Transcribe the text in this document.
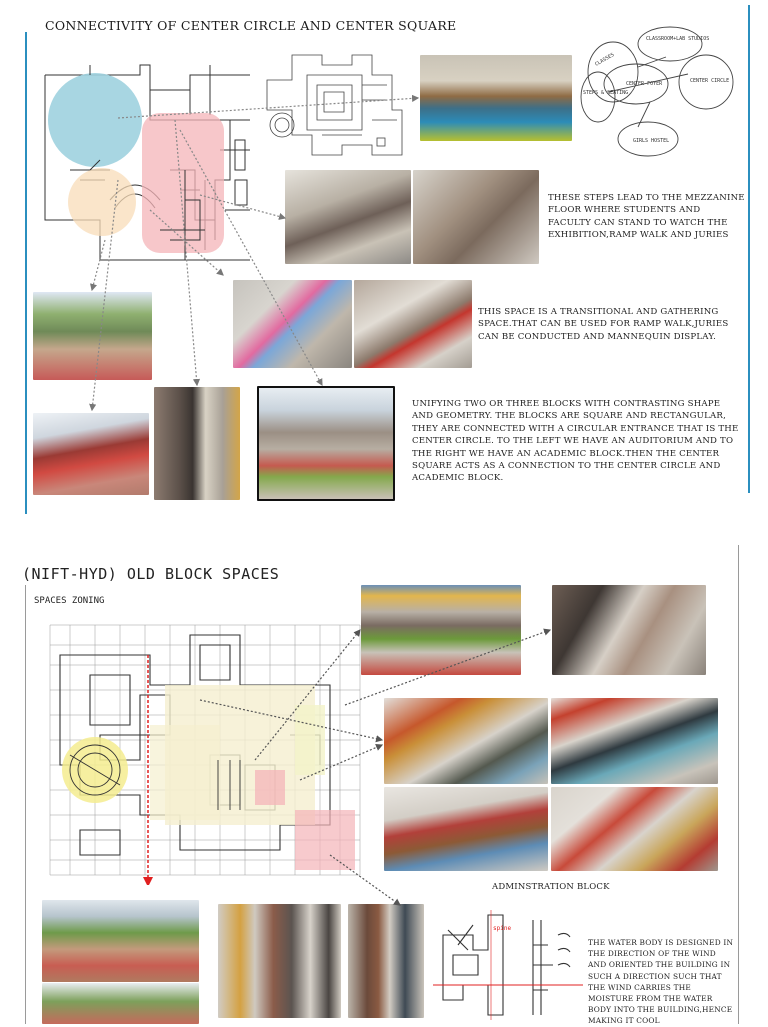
CONNECTIVITY OF CENTER CIRCLE AND CENTER SQUARE
CLASSES
CLASSROOM+LAB STUDIOS
CENTER FOYER	CENTER CIRCLE
STEPS & SEATING
GIRLS HOSTEL
THESE STEPS LEAD TO THE MEZZANINE FLOOR WHERE STUDENTS AND FACULTY CAN STAND TO WATCH THE EXHIBITION,RAMP WALK AND JURIES
THIS SPACE IS A TRANSITIONAL AND GATHERING SPACE.THAT CAN BE USED FOR RAMP WALK,JURIES CAN BE CONDUCTED AND MANNEQUIN DISPLAY.
UNIFYING TWO OR THREE BLOCKS WITH CONTRASTING SHAPE AND GEOMETRY. THE BLOCKS ARE SQUARE AND RECTANGULAR, THEY ARE CONNECTED WITH A CIRCULAR ENTRANCE THAT IS THE CENTER CIRCLE. TO THE LEFT WE HAVE AN AUDITORIUM AND TO THE RIGHT WE HAVE AN ACADEMIC BLOCK.THEN THE CENTER SQUARE ACTS AS A CONNECTION TO THE CENTER CIRCLE AND ACADEMIC BLOCK.
(NIFT-HYD) OLD BLOCK SPACES
SPACES ZONING
ADMINSTRATION BLOCK
spine
THE WATER BODY IS DESIGNED IN THE DIRECTION OF THE WIND AND ORIENTED THE BUILDING IN SUCH A DIRECTION SUCH THAT THE WIND CARRIES THE MOISTURE FROM THE WATER BODY INTO THE BUILDING,HENCE MAKING IT COOL
